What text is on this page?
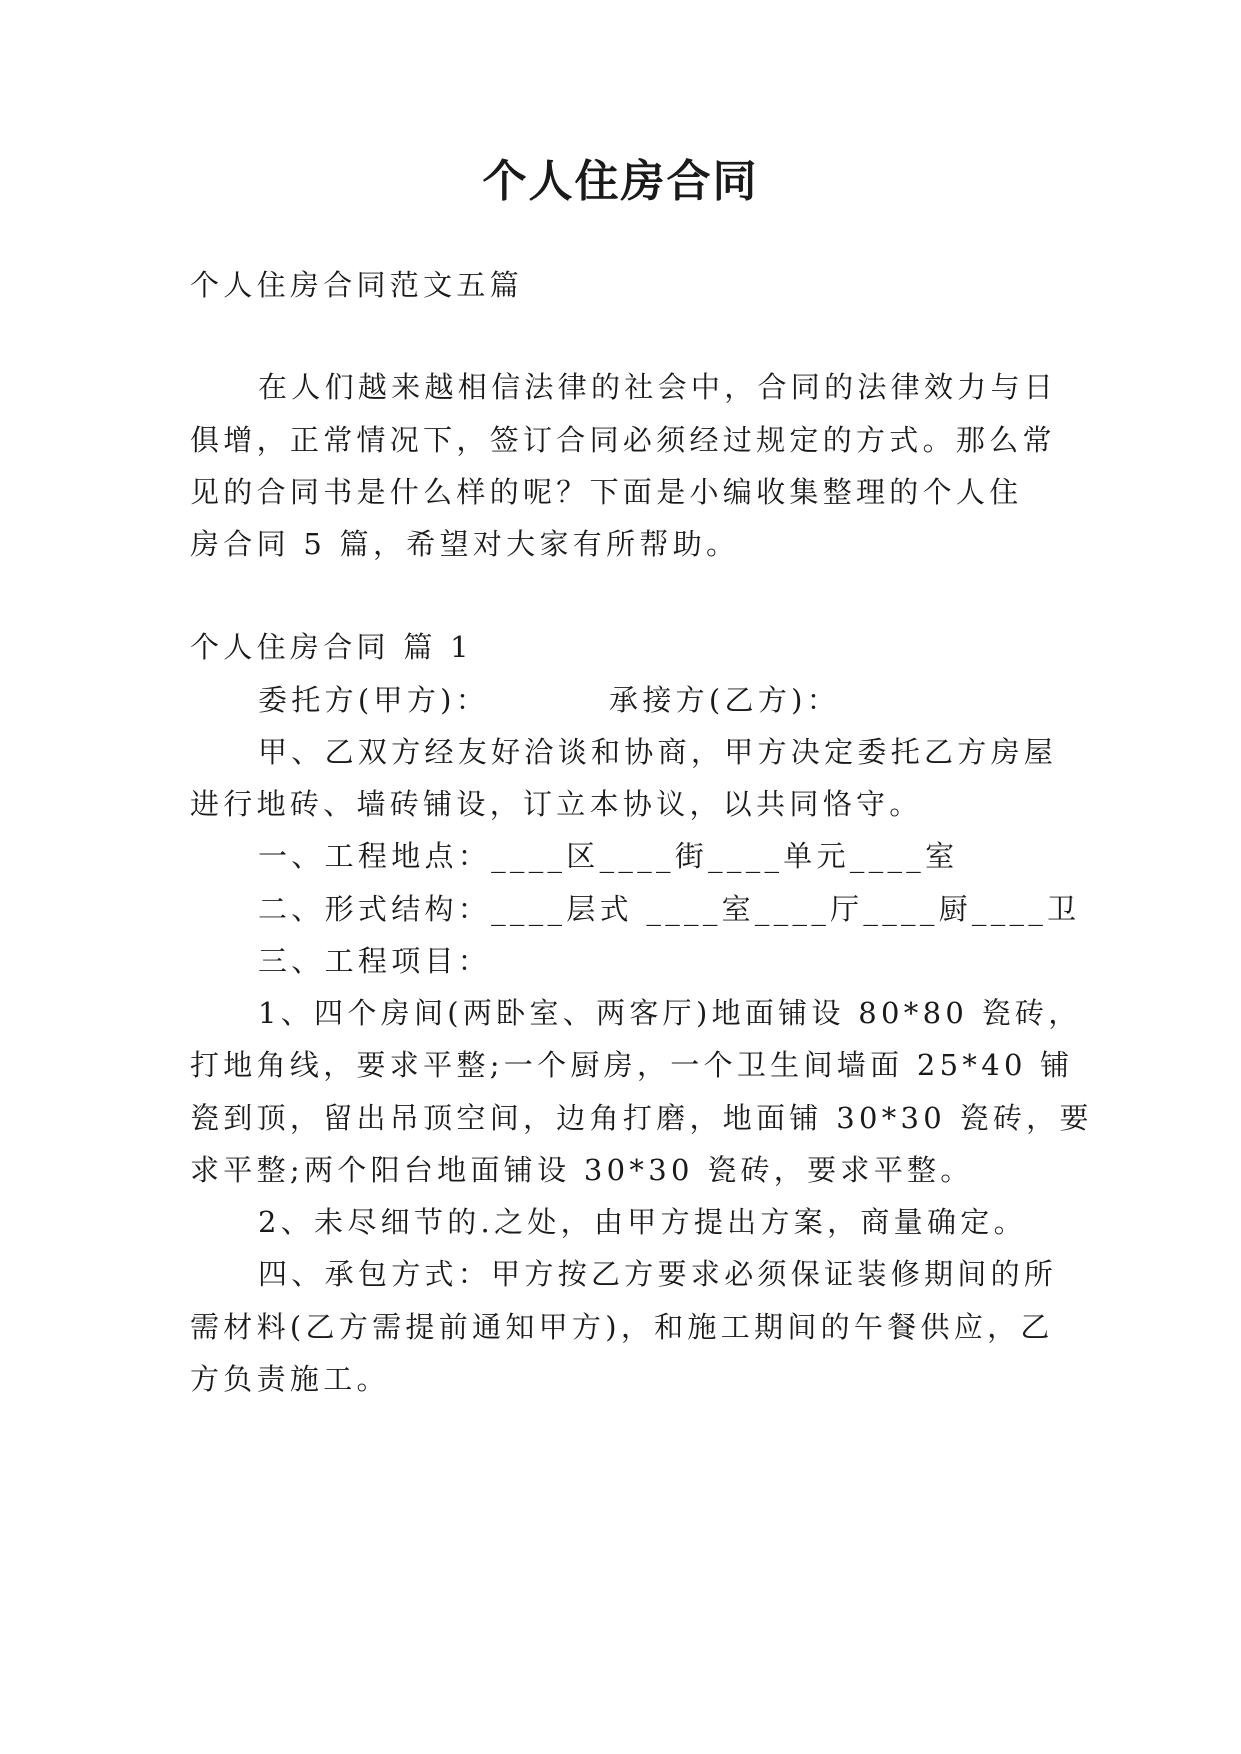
个人住房合同
个人住房合同范文五篇
在人们越来越相信法律的社会中，合同的法律效力与日
俱增，正常情况下，签订合同必须经过规定的方式。那么常
见的合同书是什么样的呢？下面是小编收集整理的个人住
房合同 5 篇，希望对大家有所帮助。
个人住房合同 篇 1
委托方(甲方)：	承接方(乙方)：
甲、乙双方经友好洽谈和协商，甲方决定委托乙方房屋
进行地砖、墙砖铺设，订立本协议，以共同恪守。
一、工程地点：____区____街____单元____室
二、形式结构：____层式 ____室____厅____厨____卫
三、工程项目：
1、四个房间(两卧室、两客厅)地面铺设 80*80 瓷砖，
打地角线，要求平整;一个厨房，一个卫生间墙面 25*40 铺
瓷到顶，留出吊顶空间，边角打磨，地面铺 30*30 瓷砖，要
求平整;两个阳台地面铺设 30*30 瓷砖，要求平整。
2、未尽细节的.之处，由甲方提出方案，商量确定。
四、承包方式：甲方按乙方要求必须保证装修期间的所
需材料(乙方需提前通知甲方)，和施工期间的午餐供应，乙
方负责施工。
